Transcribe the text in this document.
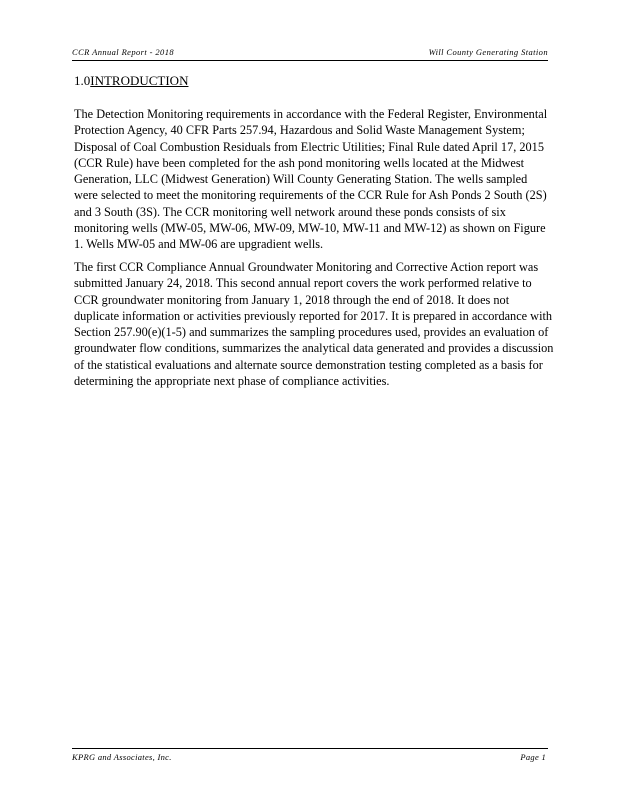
CCR Annual Report - 2018	Will County Generating Station
1.0INTRODUCTION
The Detection Monitoring requirements in accordance with the Federal Register, Environmental Protection Agency, 40 CFR Parts 257.94, Hazardous and Solid Waste Management System; Disposal of Coal Combustion Residuals from Electric Utilities; Final Rule dated April 17, 2015 (CCR Rule) have been completed for the ash pond monitoring wells located at the Midwest Generation, LLC (Midwest Generation) Will County Generating Station. The wells sampled were selected to meet the monitoring requirements of the CCR Rule for Ash Ponds 2 South (2S) and 3 South (3S). The CCR monitoring well network around these ponds consists of six monitoring wells (MW-05, MW-06, MW-09, MW-10, MW-11 and MW-12) as shown on Figure 1. Wells MW-05 and MW-06 are upgradient wells.
The first CCR Compliance Annual Groundwater Monitoring and Corrective Action report was submitted January 24, 2018. This second annual report covers the work performed relative to CCR groundwater monitoring from January 1, 2018 through the end of 2018. It does not duplicate information or activities previously reported for 2017. It is prepared in accordance with Section 257.90(e)(1-5) and summarizes the sampling procedures used, provides an evaluation of groundwater flow conditions, summarizes the analytical data generated and provides a discussion of the statistical evaluations and alternate source demonstration testing completed as a basis for determining the appropriate next phase of compliance activities.
KPRG and Associates, Inc.	Page 1
